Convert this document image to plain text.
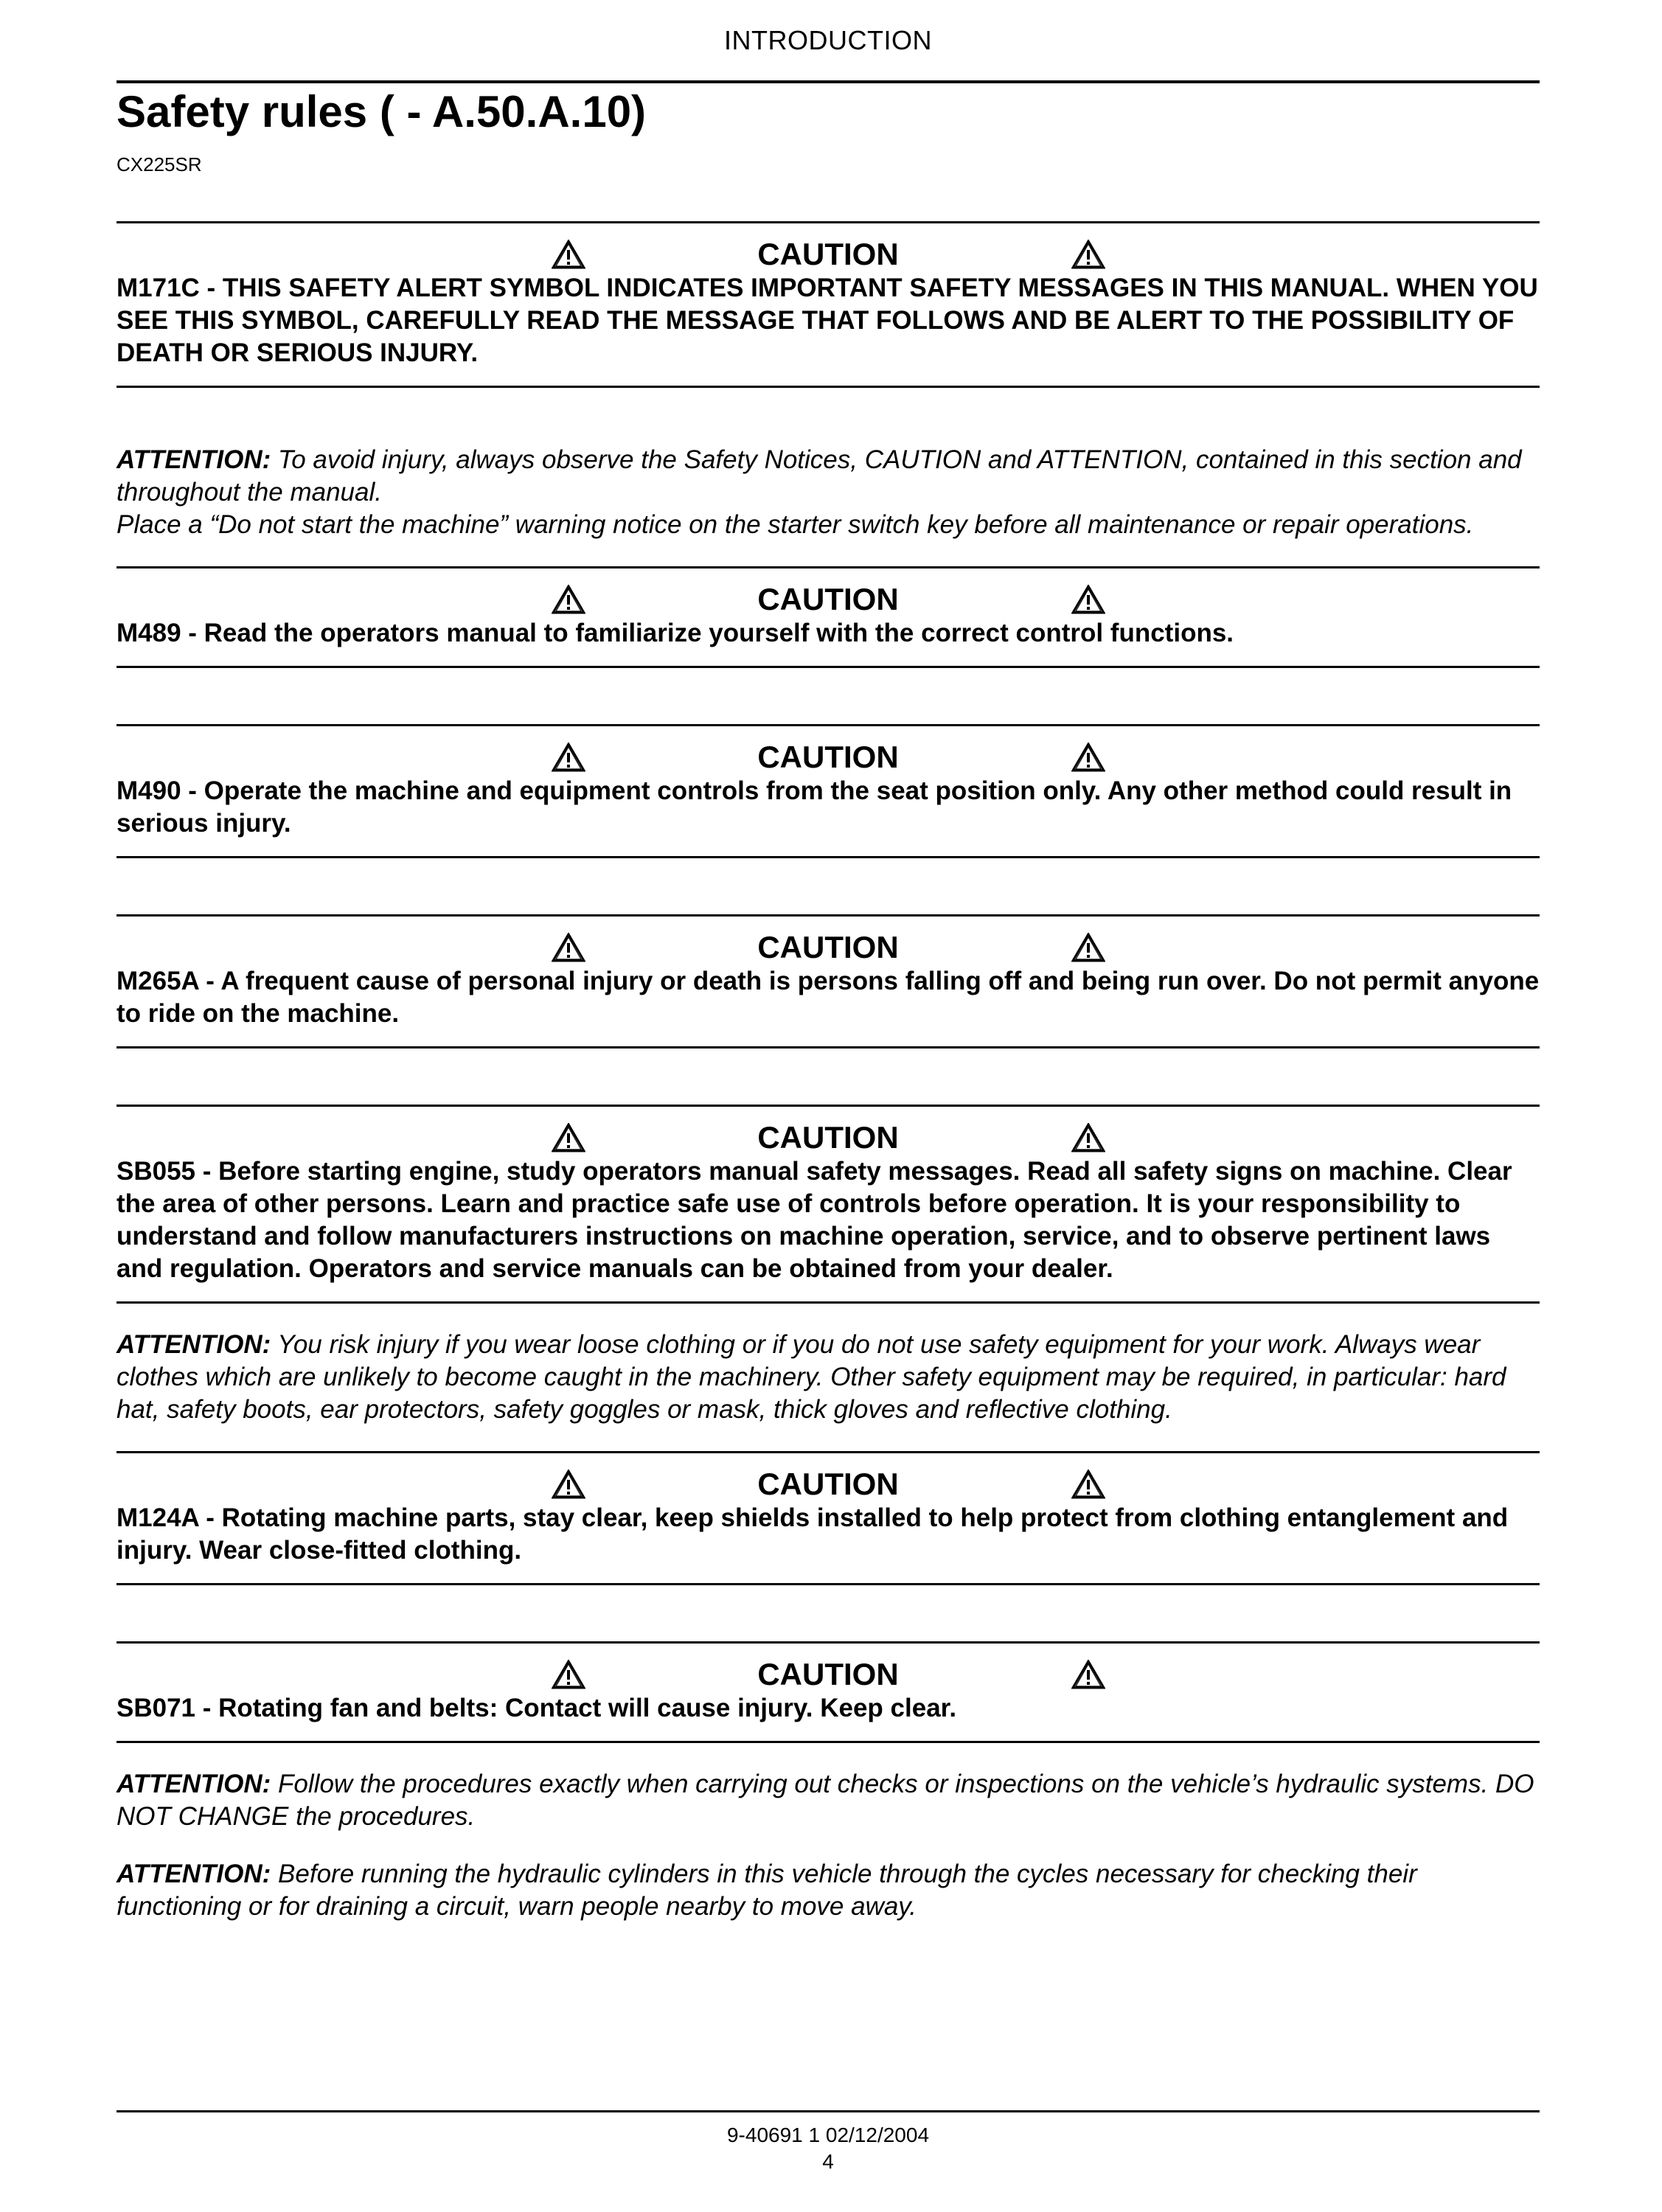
INTRODUCTION
Safety rules ( - A.50.A.10)
CX225SR
CAUTION
M171C - THIS SAFETY ALERT SYMBOL INDICATES IMPORTANT SAFETY MESSAGES IN THIS MANUAL. WHEN YOU SEE THIS SYMBOL, CAREFULLY READ THE MESSAGE THAT FOLLOWS AND BE ALERT TO THE POSSIBILITY OF DEATH OR SERIOUS INJURY.
ATTENTION: To avoid injury, always observe the Safety Notices, CAUTION and ATTENTION, contained in this section and throughout the manual.
Place a “Do not start the machine” warning notice on the starter switch key before all maintenance or repair operations.
CAUTION
M489 - Read the operators manual to familiarize yourself with the correct control functions.
CAUTION
M490 - Operate the machine and equipment controls from the seat position only. Any other method could result in serious injury.
CAUTION
M265A - A frequent cause of personal injury or death is persons falling off and being run over. Do not permit anyone to ride on the machine.
CAUTION
SB055 - Before starting engine, study operators manual safety messages. Read all safety signs on machine. Clear the area of other persons. Learn and practice safe use of controls before operation. It is your responsibility to understand and follow manufacturers instructions on machine operation, service, and to observe pertinent laws and regulation. Operators and service manuals can be obtained from your dealer.
ATTENTION: You risk injury if you wear loose clothing or if you do not use safety equipment for your work. Always wear clothes which are unlikely to become caught in the machinery. Other safety equipment may be required, in particular: hard hat, safety boots, ear protectors, safety goggles or mask, thick gloves and reflective clothing.
CAUTION
M124A - Rotating machine parts, stay clear, keep shields installed to help protect from clothing entanglement and injury. Wear close-fitted clothing.
CAUTION
SB071 - Rotating fan and belts: Contact will cause injury. Keep clear.
ATTENTION: Follow the procedures exactly when carrying out checks or inspections on the vehicle’s hydraulic systems. DO NOT CHANGE the procedures.
ATTENTION: Before running the hydraulic cylinders in this vehicle through the cycles necessary for checking their functioning or for draining a circuit, warn people nearby to move away.
9-40691 1 02/12/2004
4
